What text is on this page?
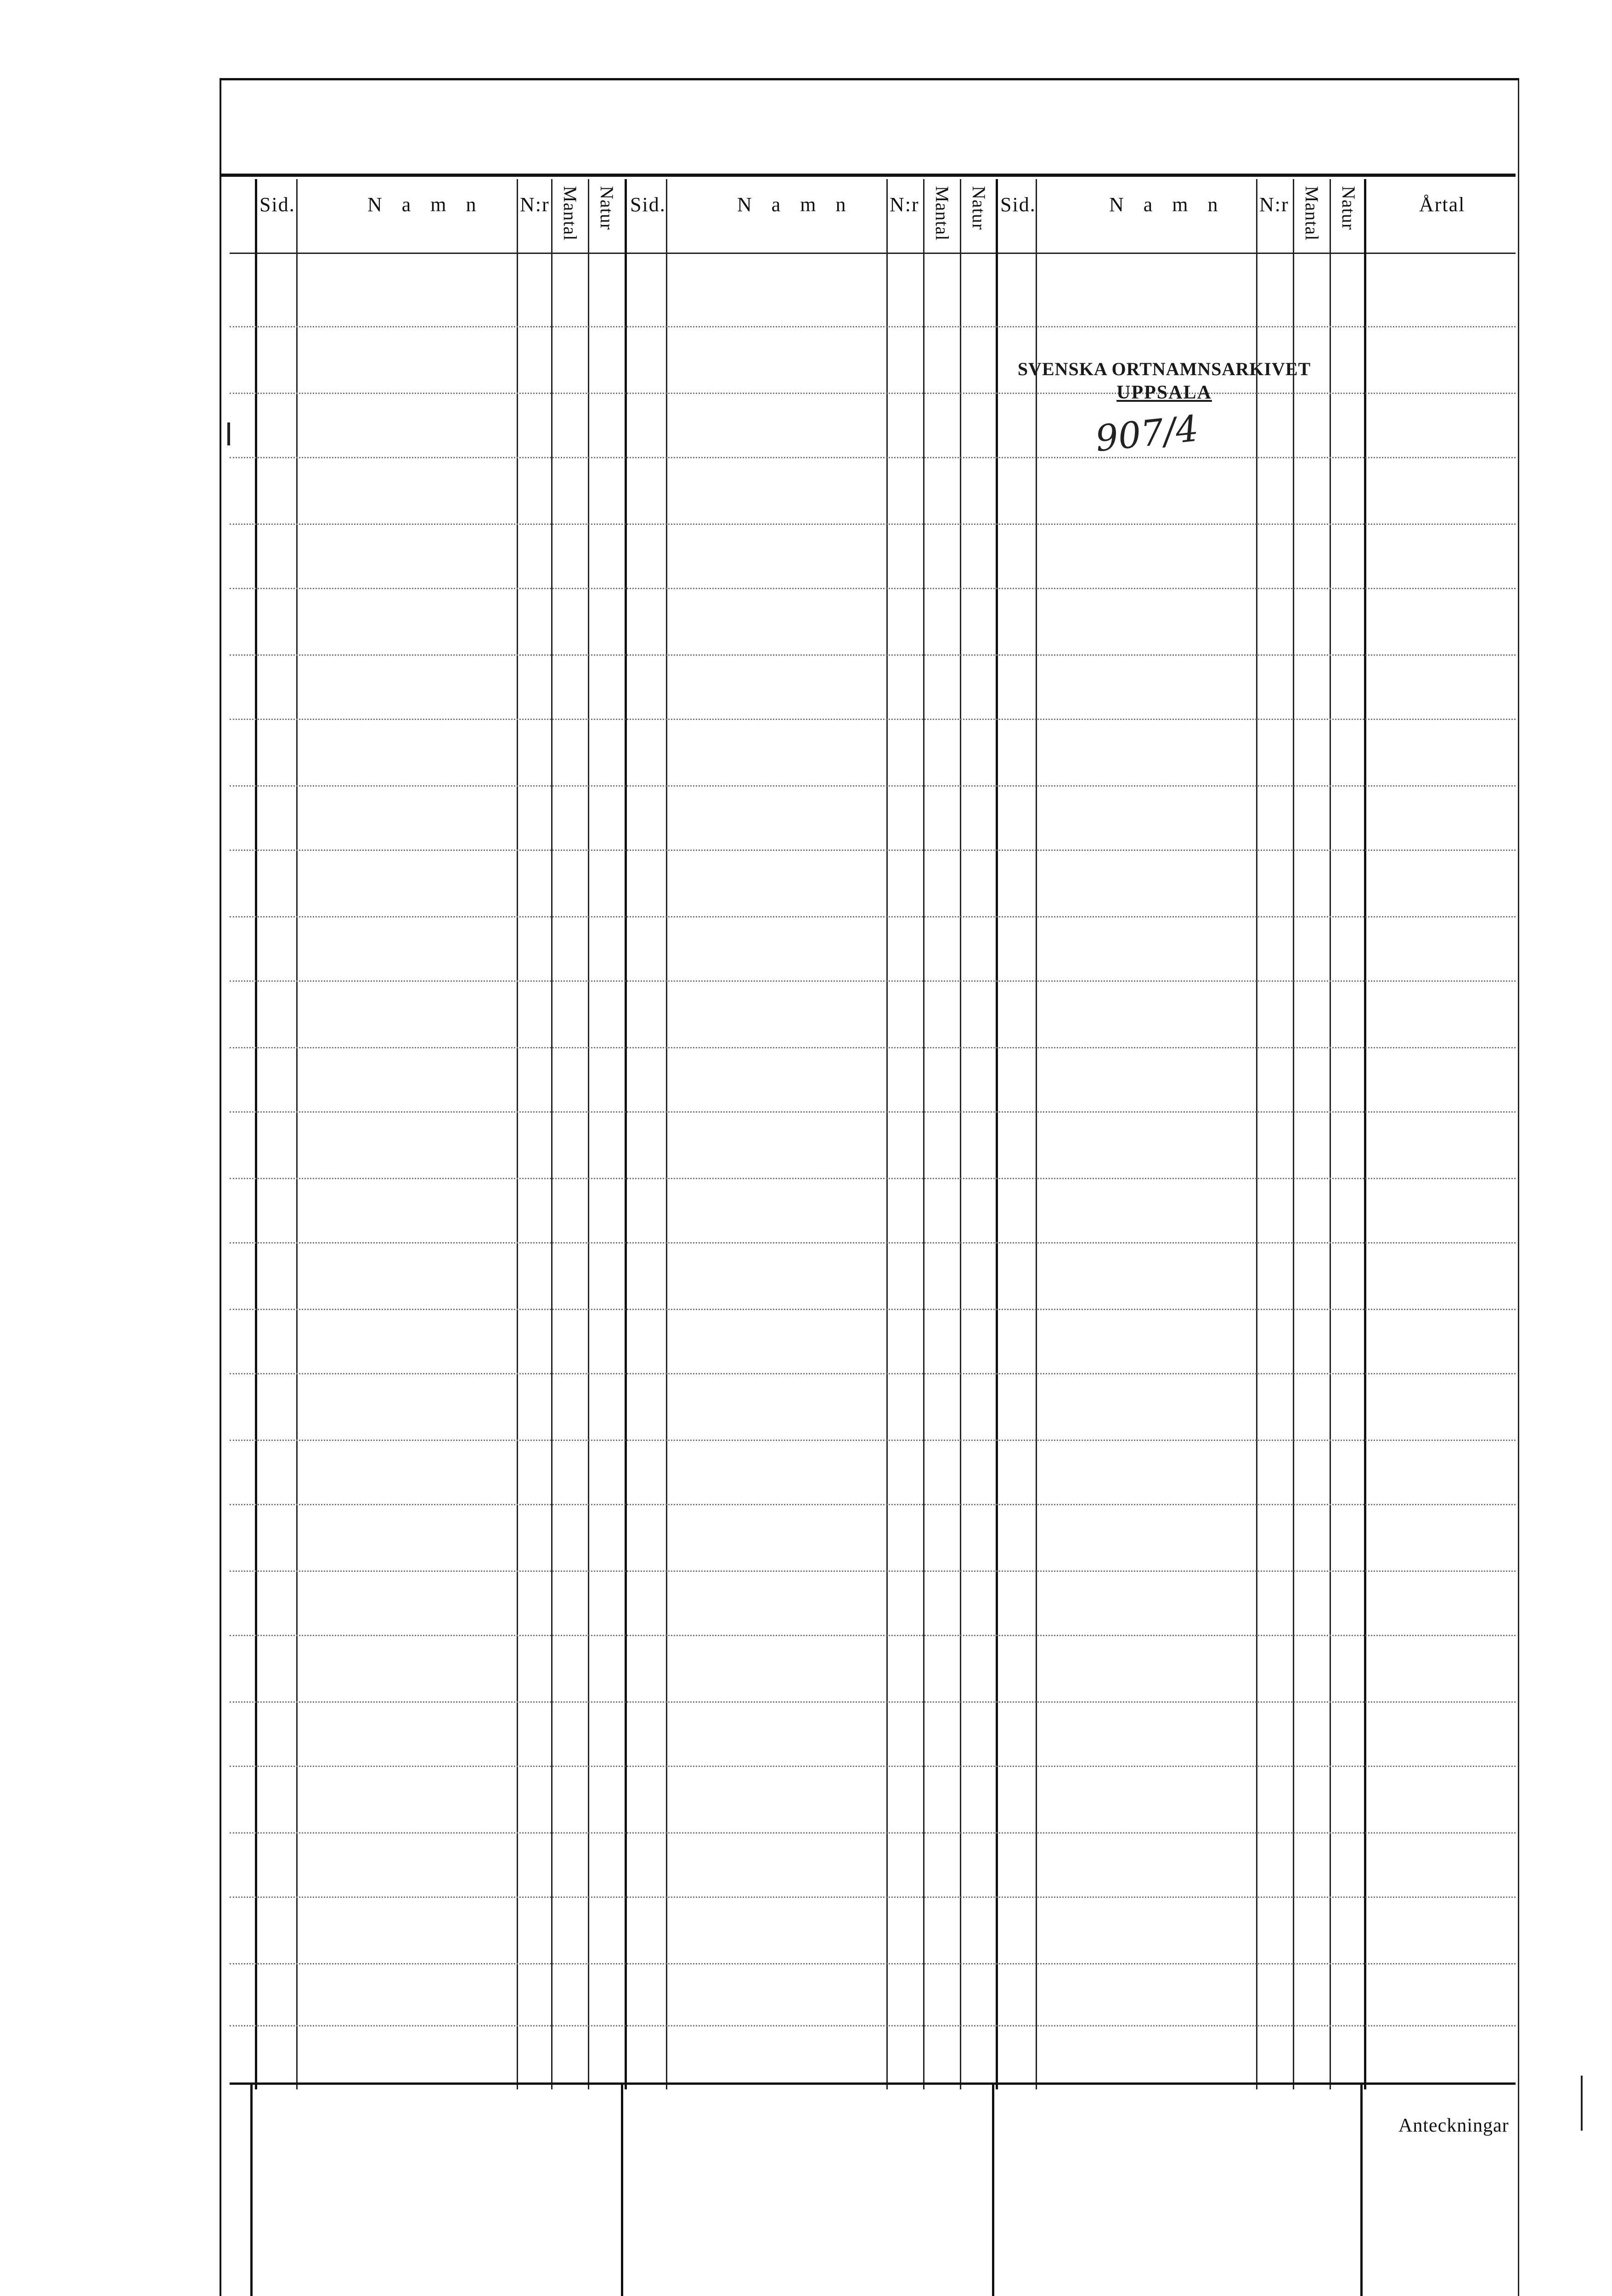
Sid.	N a m n N:r Mantal Natur Sid.	N a m n N:r Mantal Natur Sid.	N a m n N:r Mantal Natur	Årtal
Anteckningar
SVENSKA ORTNAMNSARKIVET
UPPSALA
907/4
